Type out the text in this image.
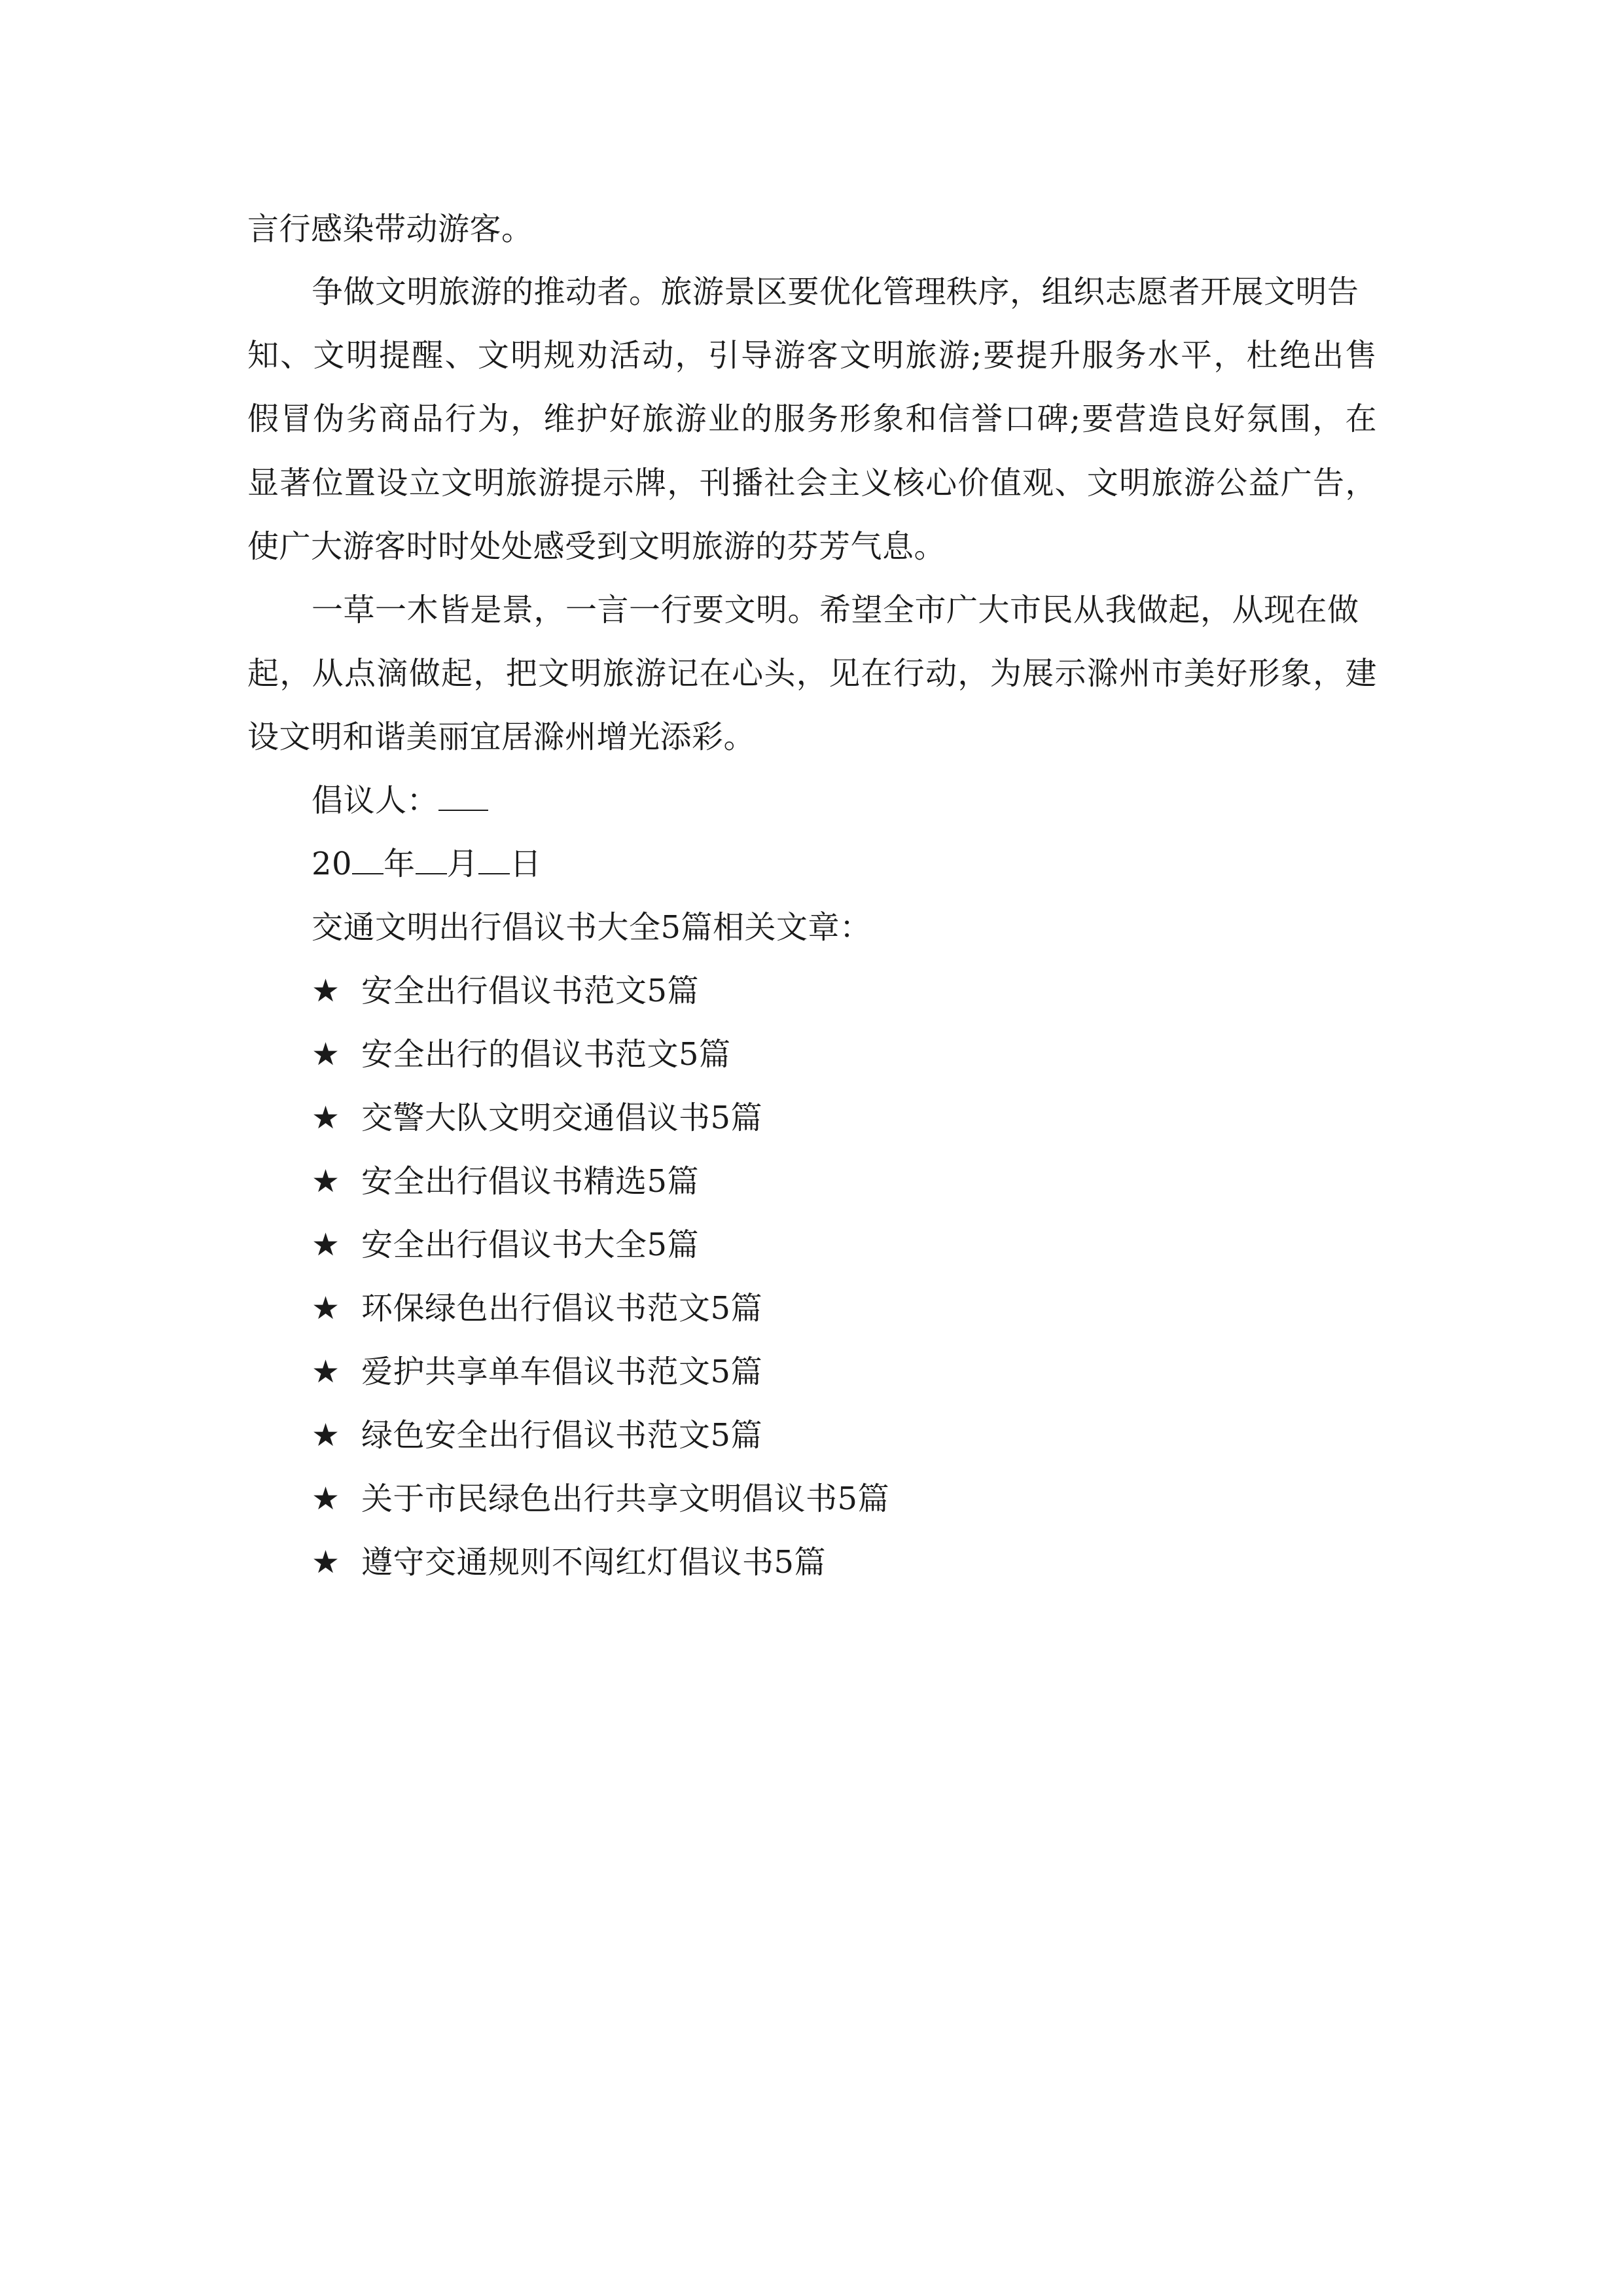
言行感染带动游客。
争做文明旅游的推动者。旅游景区要优化管理秩序，组织志愿者开展文明告
知、文明提醒、文明规劝活动，引导游客文明旅游;要提升服务水平，杜绝出售
假冒伪劣商品行为，维护好旅游业的服务形象和信誉口碑;要营造良好氛围，在
显著位置设立文明旅游提示牌，刊播社会主义核心价值观、文明旅游公益广告，
使广大游客时时处处感受到文明旅游的芬芳气息。
一草一木皆是景，一言一行要文明。希望全市广大市民从我做起，从现在做
起，从点滴做起，把文明旅游记在心头，见在行动，为展示滁州市美好形象，建
设文明和谐美丽宜居滁州增光添彩。
倡议人：
20 年 月 日
交通文明出行倡议书大全5篇相关文章：
★ 安全出行倡议书范文5篇
★ 安全出行的倡议书范文5篇
★ 交警大队文明交通倡议书5篇
★ 安全出行倡议书精选5篇
★ 安全出行倡议书大全5篇
★ 环保绿色出行倡议书范文5篇
★ 爱护共享单车倡议书范文5篇
★ 绿色安全出行倡议书范文5篇
★ 关于市民绿色出行共享文明倡议书5篇
★ 遵守交通规则不闯红灯倡议书5篇
